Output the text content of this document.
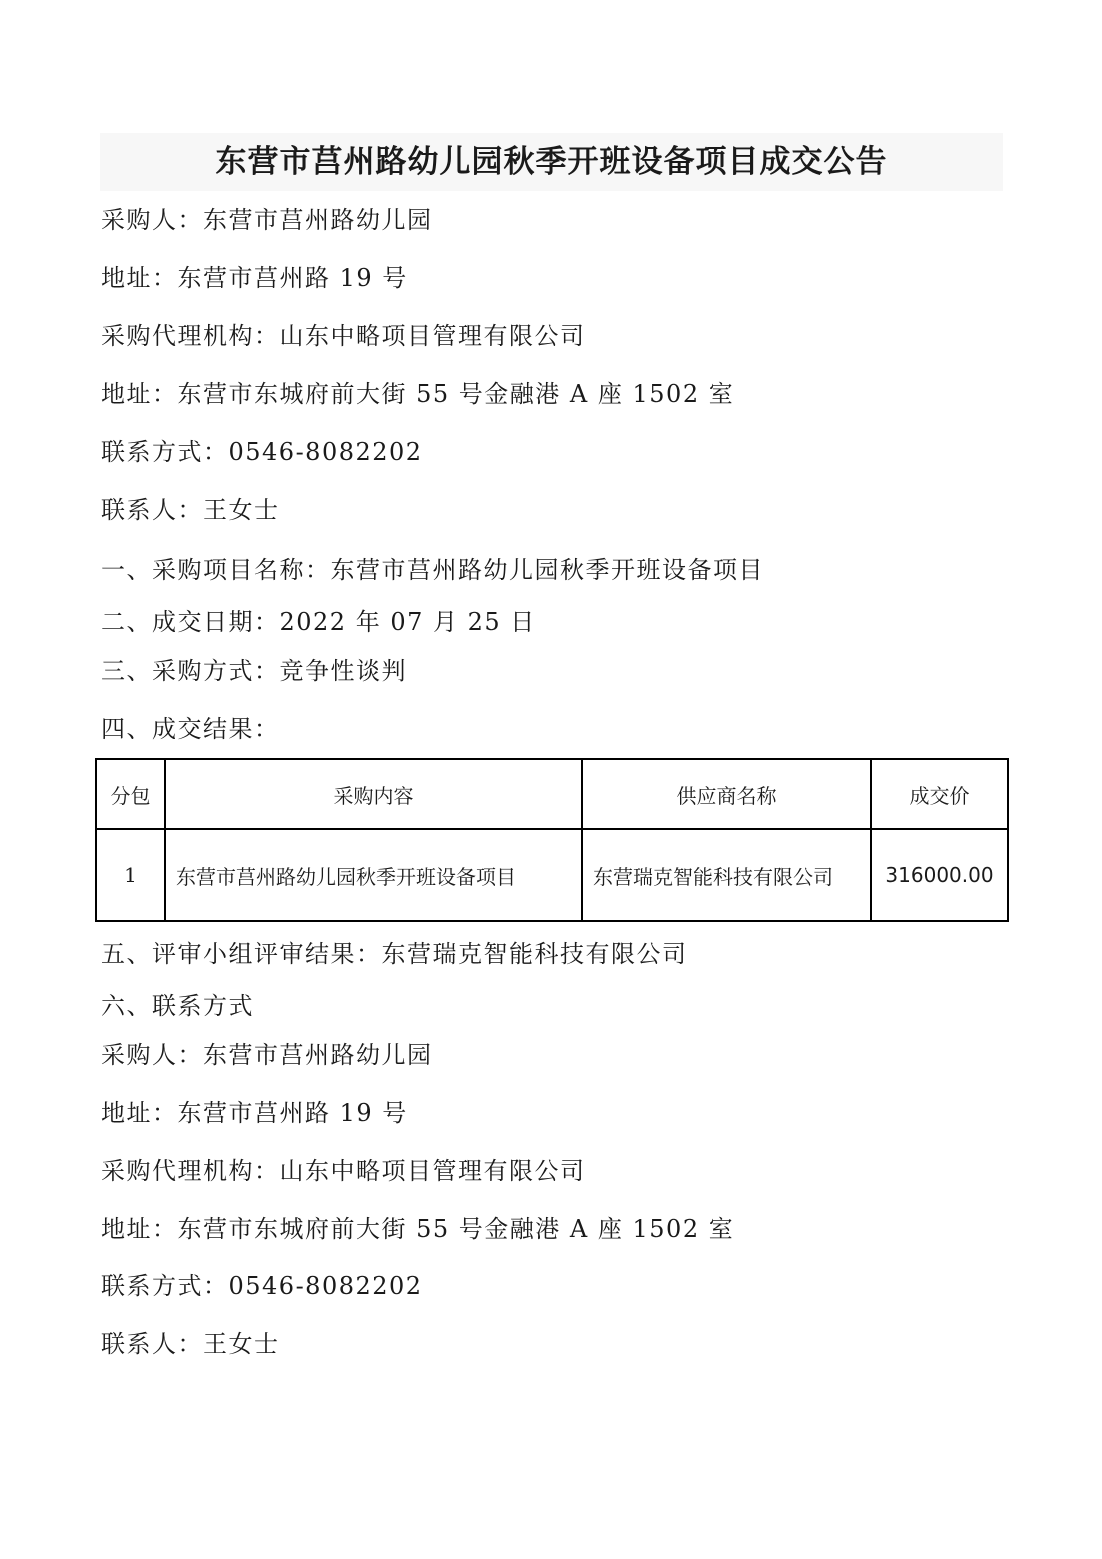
东营市莒州路幼儿园秋季开班设备项目成交公告
采购人：东营市莒州路幼儿园
地址：东营市莒州路 19 号
采购代理机构：山东中略项目管理有限公司
地址：东营市东城府前大街 55 号金融港 A 座 1502 室
联系方式：0546-8082202
联系人：王女士
一、采购项目名称：东营市莒州路幼儿园秋季开班设备项目
二、成交日期：2022 年 07 月 25 日
三、采购方式：竞争性谈判
四、成交结果：
分包	采购内容	供应商名称	成交价
1	东营市莒州路幼儿园秋季开班设备项目	东营瑞克智能科技有限公司	316000.00
五、评审小组评审结果：东营瑞克智能科技有限公司
六、联系方式
采购人：东营市莒州路幼儿园
地址：东营市莒州路 19 号
采购代理机构：山东中略项目管理有限公司
地址：东营市东城府前大街 55 号金融港 A 座 1502 室
联系方式：0546-8082202
联系人：王女士
